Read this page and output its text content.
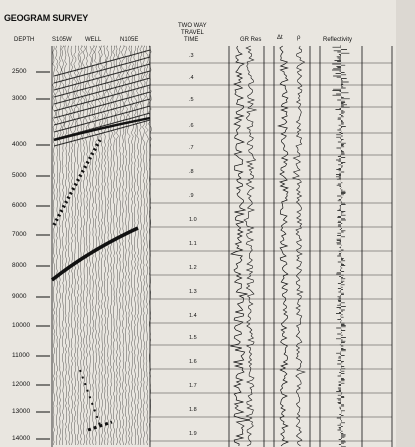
GEOGRAM SURVEY
DEPTH	S105W WELL	N105E
TWO WAY
TRAVEL
TIME	GR Res	Δt ρ	Reflectivity
2500
3000
4000
5000
6000
7000
8000
9000
10000
11000
12000
13000
14000
.3
.4
.5
.6
.7
.8
.9
1.0
1.1
1.2
1.3
1.4
1.5
1.6
1.7
1.8
1.9
